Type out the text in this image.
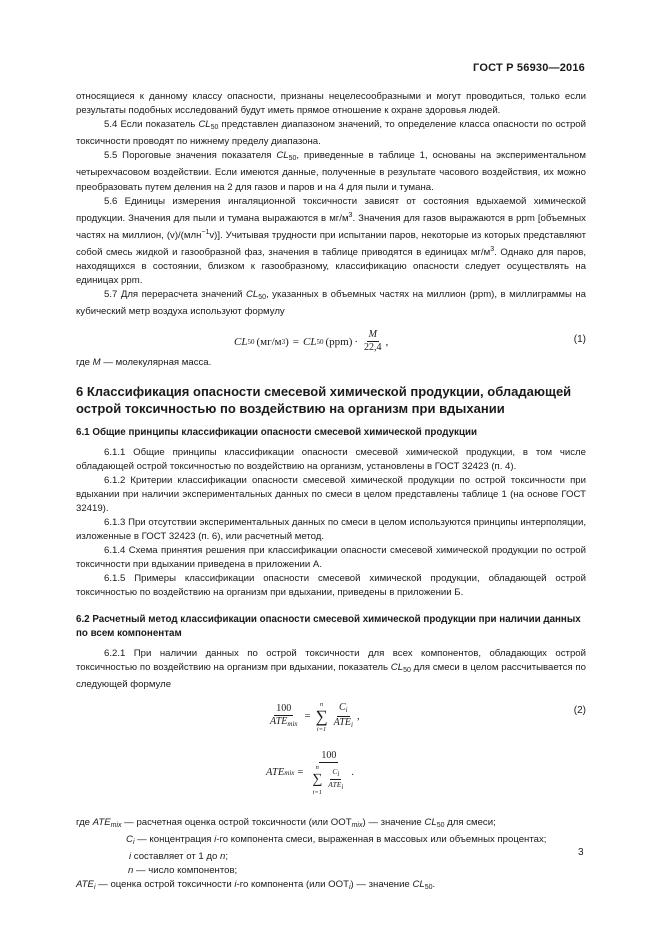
ГОСТ Р 56930—2016

относящиеся к данному классу опасности, признаны нецелесообразными и могут проводиться, только если результаты подобных исследований будут иметь прямое отношение к охране здоровья людей.

5.4 Если показатель $CL_{50}$ представлен диапазоном значений, то определение класса опасности по острой токсичности проводят по нижнему пределу диапазона.

5.5 Пороговые значения показателя $CL_{50}$, приведенные в таблице 1, основаны на экспериментальном четырехчасовом воздействии. Если имеются данные, полученные в результате часового воздействия, их можно преобразовать путем деления на 2 для газов и паров и на 4 для пыли и тумана.

5.6 Единицы измерения ингаляционной токсичности зависят от состояния вдыхаемой химической продукции. Значения для пыли и тумана выражаются в $мг/м^3$. Значения для газов выражаются в ppm [объемных частях на миллион, (v)/(млн$^{-1}$v)]. Учитывая трудности при испытании паров, некоторые из которых представляют собой смесь жидкой и газообразной фаз, значения в таблице приводятся в единицах $мг/м^3$. Однако для паров, находящихся в состоянии, близком к газообразному, классификацию опасности следует осуществлять на единицах ppm.

5.7 Для перерасчета значений $CL_{50}$, указанных в объемных частях на миллион (ppm), в миллиграммы на кубический метр воздуха используют формулу

CL 50 (мг/м 3 ) = CL 50 $(ppm) \cdot \frac{M}{22,4}$ ,	(1)

где M — молекулярная масса.

6 Классификация опасности смесевой химической продукции, обладающей острой токсичностью по воздействию на организм при вдыхании
6.1 Общие принципы классификации опасности смесевой химической продукции

6.1.1 Общие принципы классификации опасности смесевой химической продукции, в том числе обладающей острой токсичностью по воздействию на организм, установлены в ГОСТ 32423 (п. 4).

6.1.2 Критерии классификации опасности смесевой химической продукции по острой токсичности при вдыхании при наличии экспериментальных данных по смеси в целом представлены таблице 1 (на основе ГОСТ 32419).

6.1.3 При отсутствии экспериментальных данных по смеси в целом используются принципы интерполяции, изложенные в ГОСТ 32423 (п. 6), или расчетный метод.

6.1.4 Схема принятия решения при классификации опасности смесевой химической продукции по острой токсичности при вдыхании приведена в приложении А.

6.1.5 Примеры классификации опасности смесевой химической продукции, обладающей острой токсичностью по воздействию на организм при вдыхании, приведены в приложении Б.

6.2 Расчетный метод классификации опасности смесевой химической продукции при наличии данных по всем компонентам

6.2.1 При наличии данных по острой токсичности для всех компонентов, обладающих острой токсичностью по воздействию на организм при вдыхании, показатель $CL_{50}$ для смеси в целом рассчитывается по следующей формуле

$\frac{100}{ATE_{mix}}$ =
n
∑
$i=1 \frac{C_i}{ATE_i}$ ,
(2)
ATE mix =
100
n
∑
$i=1 \frac{Ci}{\text{ATEi}}$ .
где $ATE_{mix}$ — расчетная оценка острой токсичности (или $ООТ_{mix}$) — значение $CL_{50}$ для смеси;
$C_i$ — концентрация i-го компонента смеси, выраженная в массовых или объемных процентах;
i составляет от 1 до n;
n — число компонентов;
$ATE_i$ — оценка острой токсичности i-го компонента (или $ООТ_i$) — значение $CL_{50}$.
3
